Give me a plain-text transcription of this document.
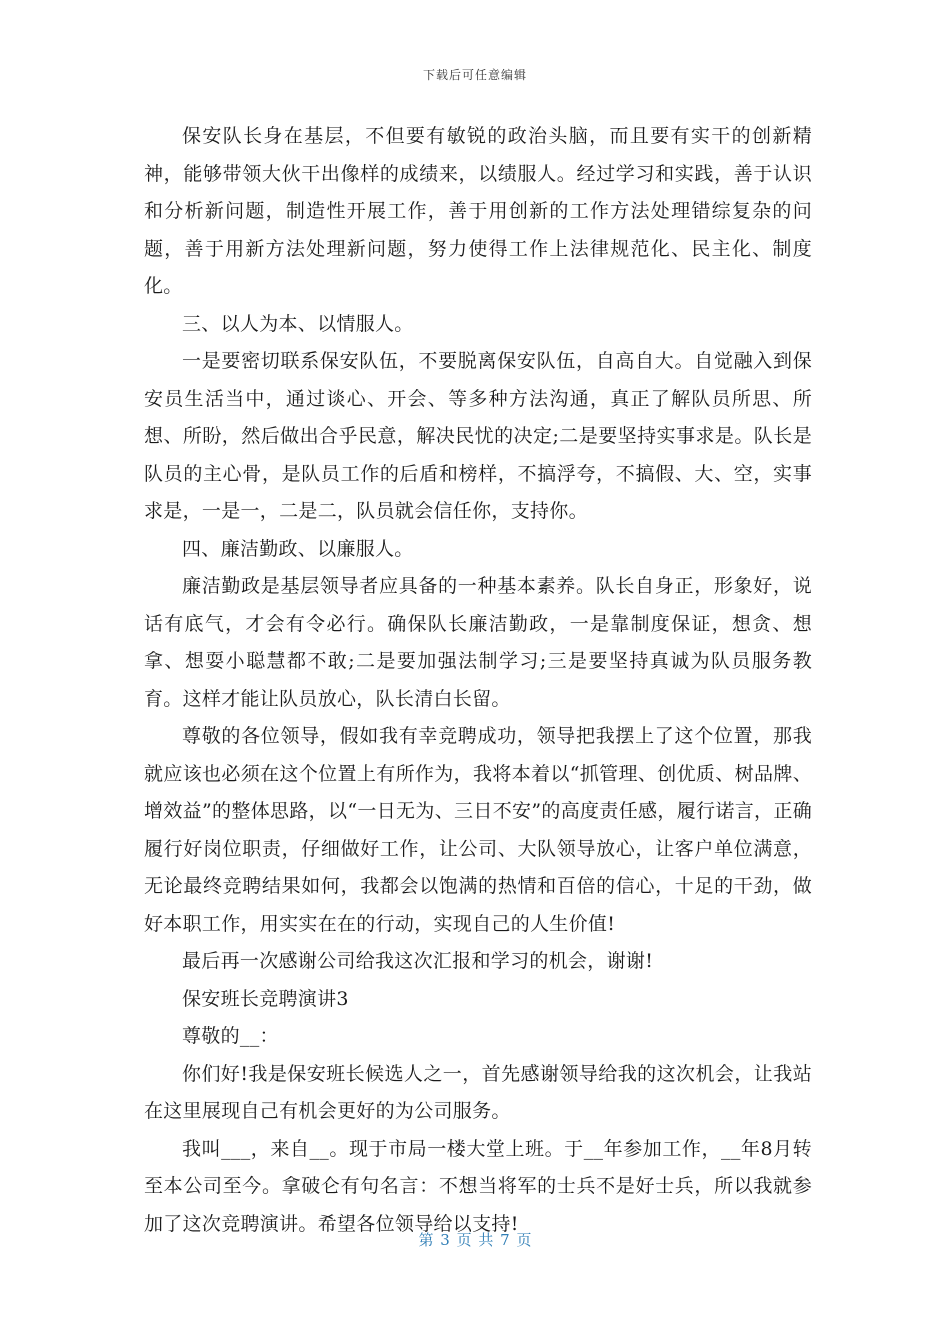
下载后可任意编辑

保安队长身在基层，不但要有敏锐的政治头脑，而且要有实干的创新精神，能够带领大伙干出像样的成绩来，以绩服人。经过学习和实践，善于认识和分析新问题，制造性开展工作，善于用创新的工作方法处理错综复杂的问题，善于用新方法处理新问题，努力使得工作上法律规范化、民主化、制度化。

三、以人为本、以情服人。

一是要密切联系保安队伍，不要脱离保安队伍，自高自大。自觉融入到保安员生活当中，通过谈心、开会、等多种方法沟通，真正了解队员所思、所想、所盼，然后做出合乎民意，解决民忧的决定;二是要坚持实事求是。队长是队员的主心骨，是队员工作的后盾和榜样，不搞浮夸，不搞假、大、空，实事求是，一是一，二是二，队员就会信任你，支持你。

四、廉洁勤政、以廉服人。

廉洁勤政是基层领导者应具备的一种基本素养。队长自身正，形象好，说话有底气，才会有令必行。确保队长廉洁勤政，一是靠制度保证，想贪、想拿、想耍小聪慧都不敢;二是要加强法制学习;三是要坚持真诚为队员服务教育。这样才能让队员放心，队长清白长留。

尊敬的各位领导，假如我有幸竞聘成功，领导把我摆上了这个位置，那我就应该也必须在这个位置上有所作为，我将本着以“抓管理、创优质、树品牌、增效益”的整体思路，以“一日无为、三日不安”的高度责任感，履行诺言，正确履行好岗位职责，仔细做好工作，让公司、大队领导放心，让客户单位满意，无论最终竞聘结果如何，我都会以饱满的热情和百倍的信心，十足的干劲，做好本职工作，用实实在在的行动，实现自己的人生价值!

最后再一次感谢公司给我这次汇报和学习的机会，谢谢!

保安班长竞聘演讲3

尊敬的__：

你们好!我是保安班长候选人之一，首先感谢领导给我的这次机会，让我站在这里展现自己有机会更好的为公司服务。

我叫___，来自__。现于市局一楼大堂上班。于__年参加工作，__年8月转至本公司至今。拿破仑有句名言：不想当将军的士兵不是好士兵，所以我就参加了这次竞聘演讲。希望各位领导给以支持!

第 3 页 共 7 页
